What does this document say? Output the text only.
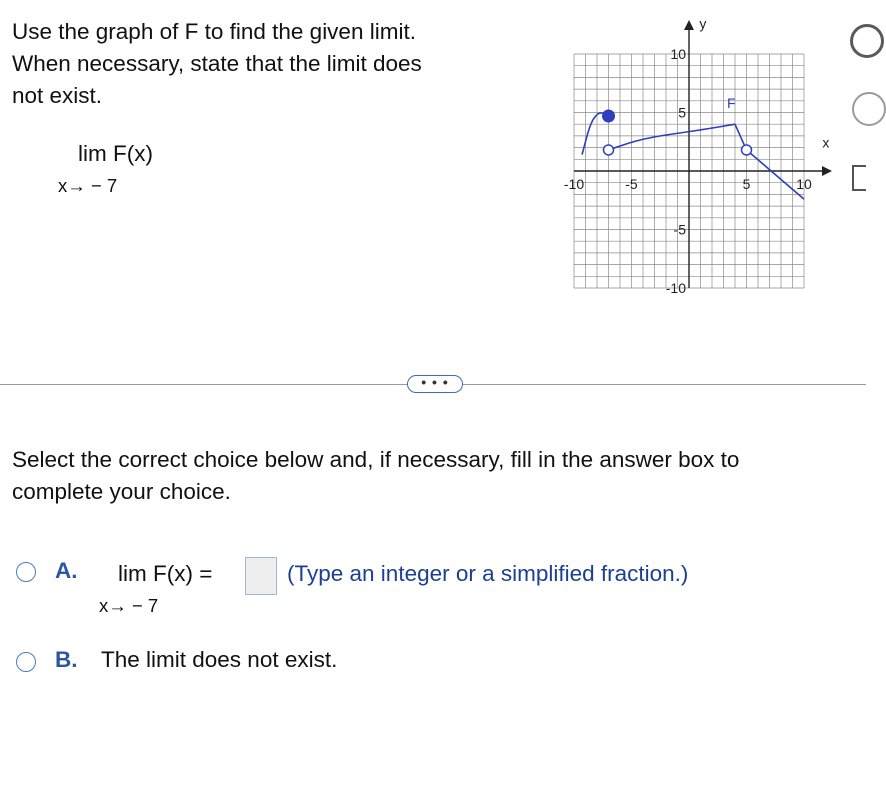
Use the graph of F to find the given limit.
When necessary, state that the limit does
not exist.
lim F(x)
x→ − 7	-10	-5	5	10
10
5
-5
-10
F
x
y
• • •
Select the correct choice below and, if necessary, fill in the answer box to
complete your choice.
A. lim F(x) =
x→ − 7
(Type an integer or a simplified fraction.)
B. The limit does not exist.
